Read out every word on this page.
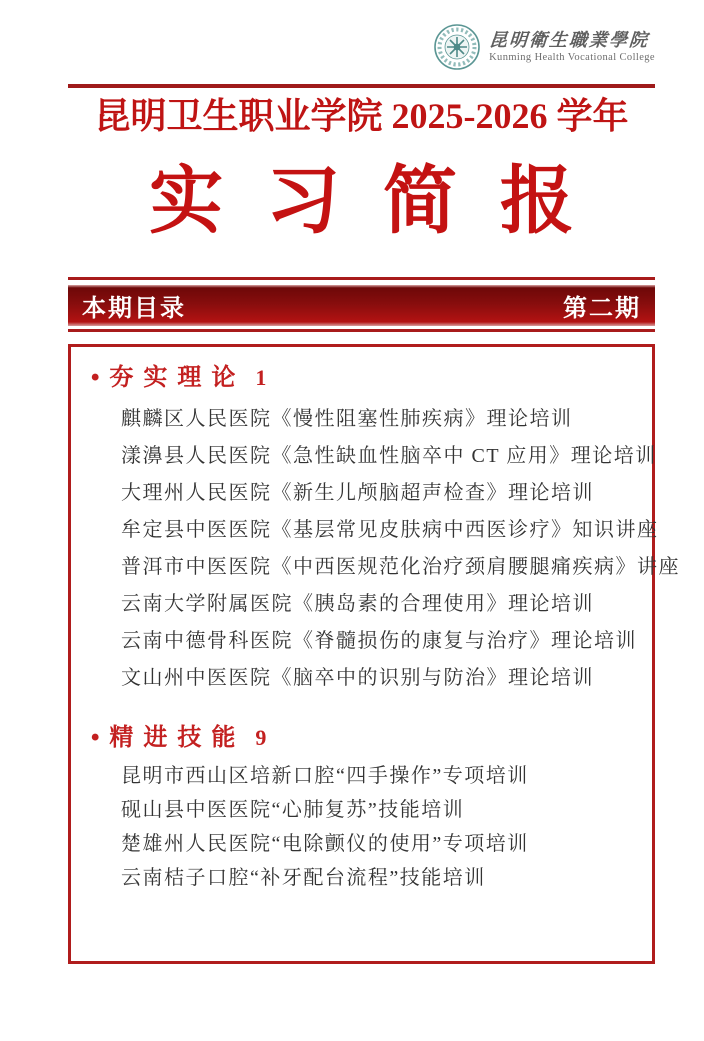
昆明衛生職業學院
Kunming Health Vocational College
昆明卫生职业学院 2025-2026 学年
实习简报
本期目录	第二期
• 夯实理论 1
麒麟区人民医院《慢性阻塞性肺疾病》理论培训
漾濞县人民医院《急性缺血性脑卒中 CT 应用》理论培训
大理州人民医院《新生儿颅脑超声检查》理论培训
牟定县中医医院《基层常见皮肤病中西医诊疗》知识讲座
普洱市中医医院《中西医规范化治疗颈肩腰腿痛疾病》讲座
云南大学附属医院《胰岛素的合理使用》理论培训
云南中德骨科医院《脊髓损伤的康复与治疗》理论培训
文山州中医医院《脑卒中的识别与防治》理论培训
• 精进技能 9
昆明市西山区培新口腔“四手操作”专项培训
砚山县中医医院“心肺复苏”技能培训
楚雄州人民医院“电除颤仪的使用”专项培训
云南桔子口腔“补牙配台流程”技能培训
